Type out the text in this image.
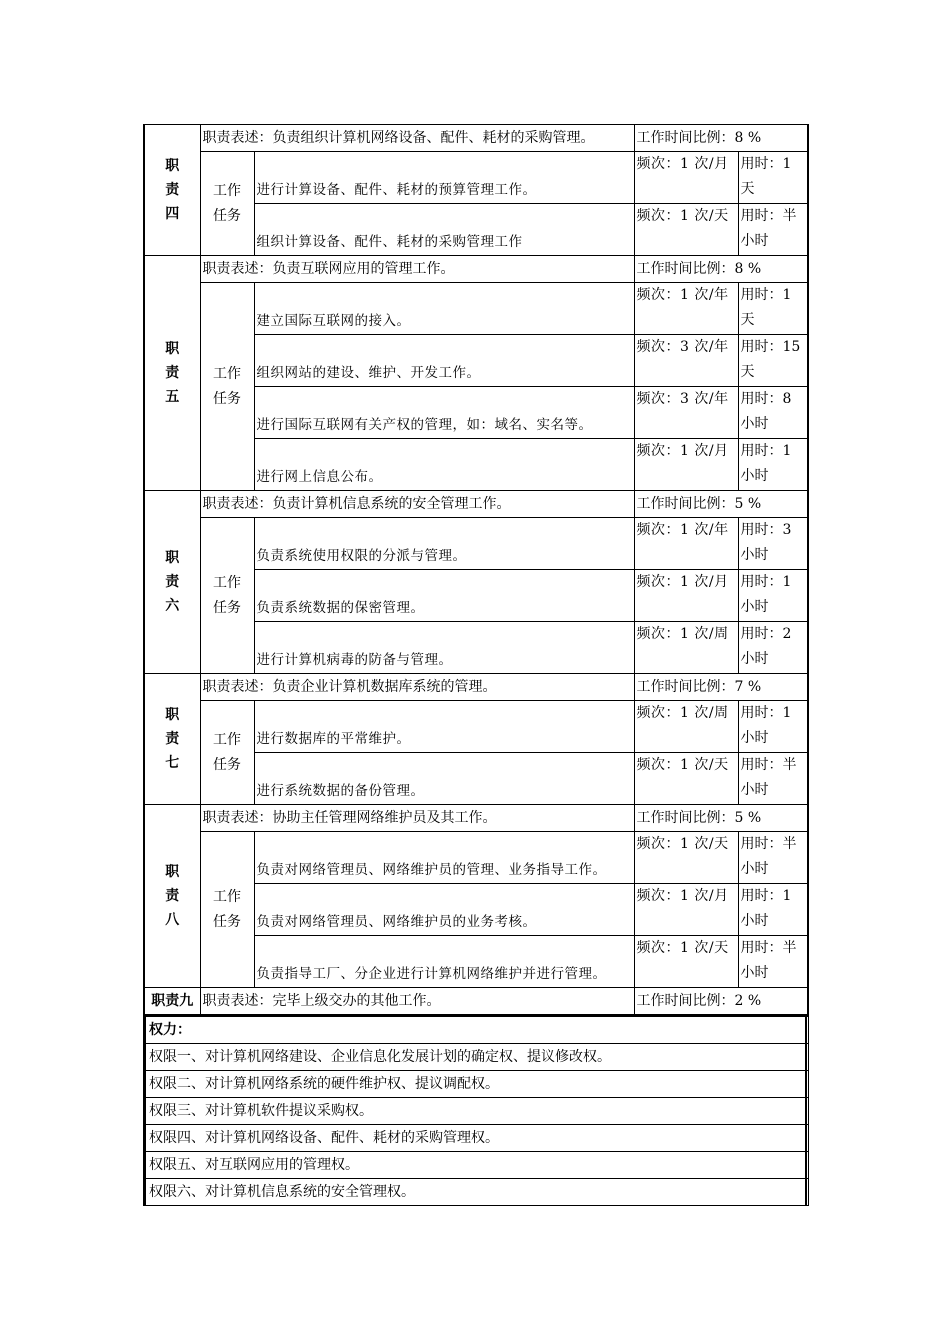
职
责
四	职责表述：负责组织计算机网络设备、配件、耗材的采购管理。		工作时间比例：8 %	

	工作
任务	进行计算设备、配件、耗材的预算管理工作。	频次：1 次/月	用时：1天
		组织计算设备、配件、耗材的采购管理工作	频次：1 次/天	用时：半小时

职
责
五	职责表述：负责互联网应用的管理工作。		工作时间比例：8 %	

	工作
任务	建立国际互联网的接入。	频次：1 次/年	用时：1天
		组织网站的建设、维护、开发工作。	频次：3 次/年	用时：15天
		进行国际互联网有关产权的管理，如：域名、实名等。	频次：3 次/年	用时：8小时
		进行网上信息公布。	频次：1 次/月	用时：1小时

职
责
六	职责表述：负责计算机信息系统的安全管理工作。		工作时间比例：5 %	

	工作
任务	负责系统使用权限的分派与管理。	频次：1 次/年	用时：3小时
		负责系统数据的保密管理。	频次：1 次/月	用时：1小时
		进行计算机病毒的防备与管理。	频次：1 次/周	用时：2小时

职
责
七	职责表述：负责企业计算机数据库系统的管理。		工作时间比例：7 %	

	工作
任务	进行数据库的平常维护。	频次：1 次/周	用时：1小时
		进行系统数据的备份管理。	频次：1 次/天	用时：半小时

职
责
八	职责表述：协助主任管理网络维护员及其工作。		工作时间比例：5 %	

	工作
任务	负责对网络管理员、网络维护员的管理、业务指导工作。	频次：1 次/天	用时：半小时
		负责对网络管理员、网络维护员的业务考核。	频次：1 次/月	用时：1小时
		负责指导工厂、分企业进行计算机网络维护并进行管理。	频次：1 次/天	用时：半小时
职责九	职责表述：完毕上级交办的其他工作。		工作时间比例：2 %	
权力：
权限一、对计算机网络建设、企业信息化发展计划的确定权、提议修改权。
权限二、对计算机网络系统的硬件维护权、提议调配权。
权限三、对计算机软件提议采购权。
权限四、对计算机网络设备、配件、耗材的采购管理权。
权限五、对互联网应用的管理权。
权限六、对计算机信息系统的安全管理权。
